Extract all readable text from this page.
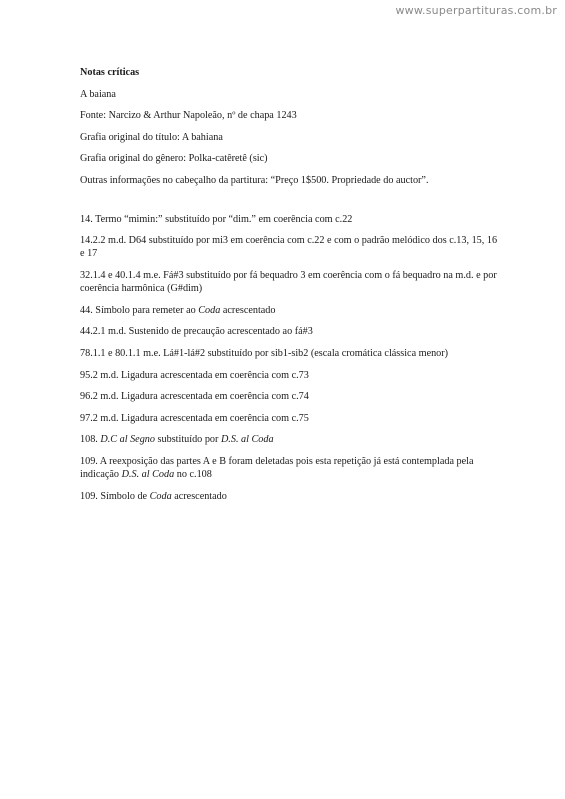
www.superpartituras.com.br
Notas críticas
A baiana
Fonte: Narcizo & Arthur Napoleão, nº de chapa 1243
Grafia original do título: A bahiana
Grafia original do gênero: Polka-catêretê (sic)
Outras informações no cabeçalho da partitura: “Preço 1$500. Propriedade do auctor”.
14. Termo “mimin:” substituído por “dim.” em coerência com c.22
14.2.2 m.d. D64 substituído por mi3 em coerência com c.22 e com o padrão melódico dos c.13, 15, 16 e 17
32.1.4 e 40.1.4 m.e. Fá#3 substituído por fá bequadro 3 em coerência com o fá bequadro na m.d. e por coerência harmônica (G#dim)
44. Símbolo para remeter ao Coda acrescentado
44.2.1 m.d. Sustenido de precaução acrescentado ao fá#3
78.1.1 e 80.1.1 m.e. Lá#1-lá#2 substituído por sib1-sib2 (escala cromática clássica menor)
95.2 m.d. Ligadura acrescentada em coerência com c.73
96.2 m.d. Ligadura acrescentada em coerência com c.74
97.2 m.d. Ligadura acrescentada em coerência com c.75
108. D.C al Segno substituído por D.S. al Coda
109. A reexposição das partes A e B foram deletadas pois esta repetição já está contemplada pela indicação D.S. al Coda no c.108
109. Símbolo de Coda acrescentado
